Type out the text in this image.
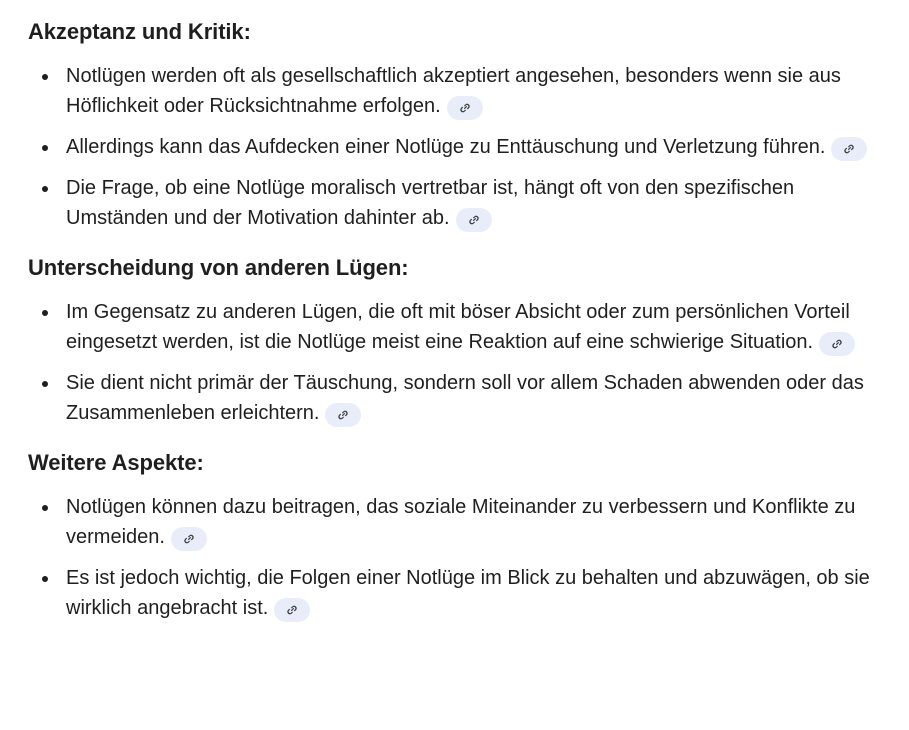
Akzeptanz und Kritik:
Notlügen werden oft als gesellschaftlich akzeptiert angesehen, besonders wenn sie aus Höflichkeit oder Rücksichtnahme erfolgen.
Allerdings kann das Aufdecken einer Notlüge zu Enttäuschung und Verletzung führen.
Die Frage, ob eine Notlüge moralisch vertretbar ist, hängt oft von den spezifischen Umständen und der Motivation dahinter ab.
Unterscheidung von anderen Lügen:
Im Gegensatz zu anderen Lügen, die oft mit böser Absicht oder zum persönlichen Vorteil eingesetzt werden, ist die Notlüge meist eine Reaktion auf eine schwierige Situation.
Sie dient nicht primär der Täuschung, sondern soll vor allem Schaden abwenden oder das Zusammenleben erleichtern.
Weitere Aspekte:
Notlügen können dazu beitragen, das soziale Miteinander zu verbessern und Konflikte zu vermeiden.
Es ist jedoch wichtig, die Folgen einer Notlüge im Blick zu behalten und abzuwägen, ob sie wirklich angebracht ist.
